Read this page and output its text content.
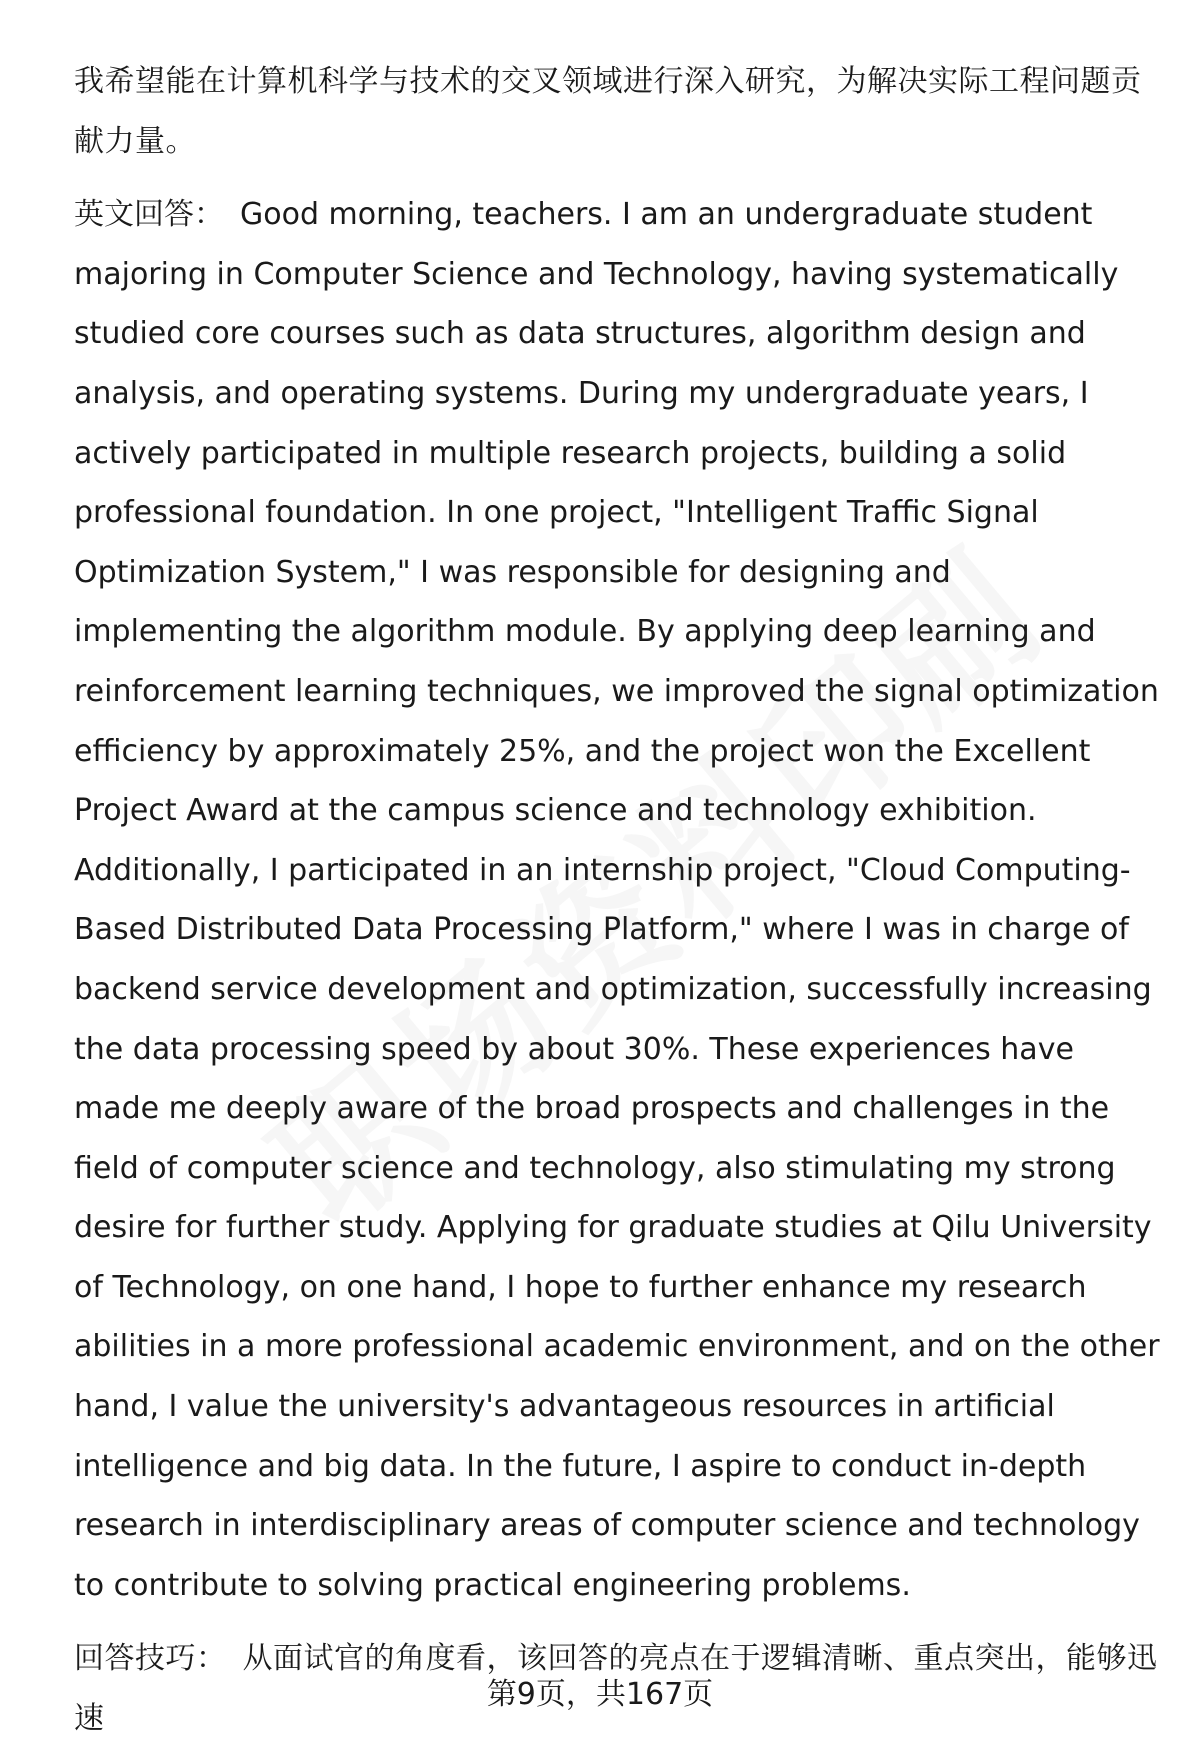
我希望能在计算机科学与技术的交叉领域进行深入研究，为解决实际工程问题贡献力量。

英文回答： Good morning, teachers. I am an undergraduate student majoring in Computer Science and Technology, having systematically studied core courses such as data structures, algorithm design and analysis, and operating systems. During my undergraduate years, I actively participated in multiple research projects, building a solid professional foundation. In one project, "Intelligent Traffic Signal Optimization System," I was responsible for designing and implementing the algorithm module. By applying deep learning and reinforcement learning techniques, we improved the signal optimization efficiency by approximately 25%, and the project won the Excellent Project Award at the campus science and technology exhibition. Additionally, I participated in an internship project, "Cloud Computing-Based Distributed Data Processing Platform," where I was in charge of backend service development and optimization, successfully increasing the data processing speed by about 30%. These experiences have made me deeply aware of the broad prospects and challenges in the field of computer science and technology, also stimulating my strong desire for further study. Applying for graduate studies at Qilu University of Technology, on one hand, I hope to further enhance my research abilities in a more professional academic environment, and on the other hand, I value the university's advantageous resources in artificial intelligence and big data. In the future, I aspire to conduct in-depth research in interdisciplinary areas of computer science and technology to contribute to solving practical engineering problems.

回答技巧： 从面试官的角度看，该回答的亮点在于逻辑清晰、重点突出，能够迅速

第9页，共167页
